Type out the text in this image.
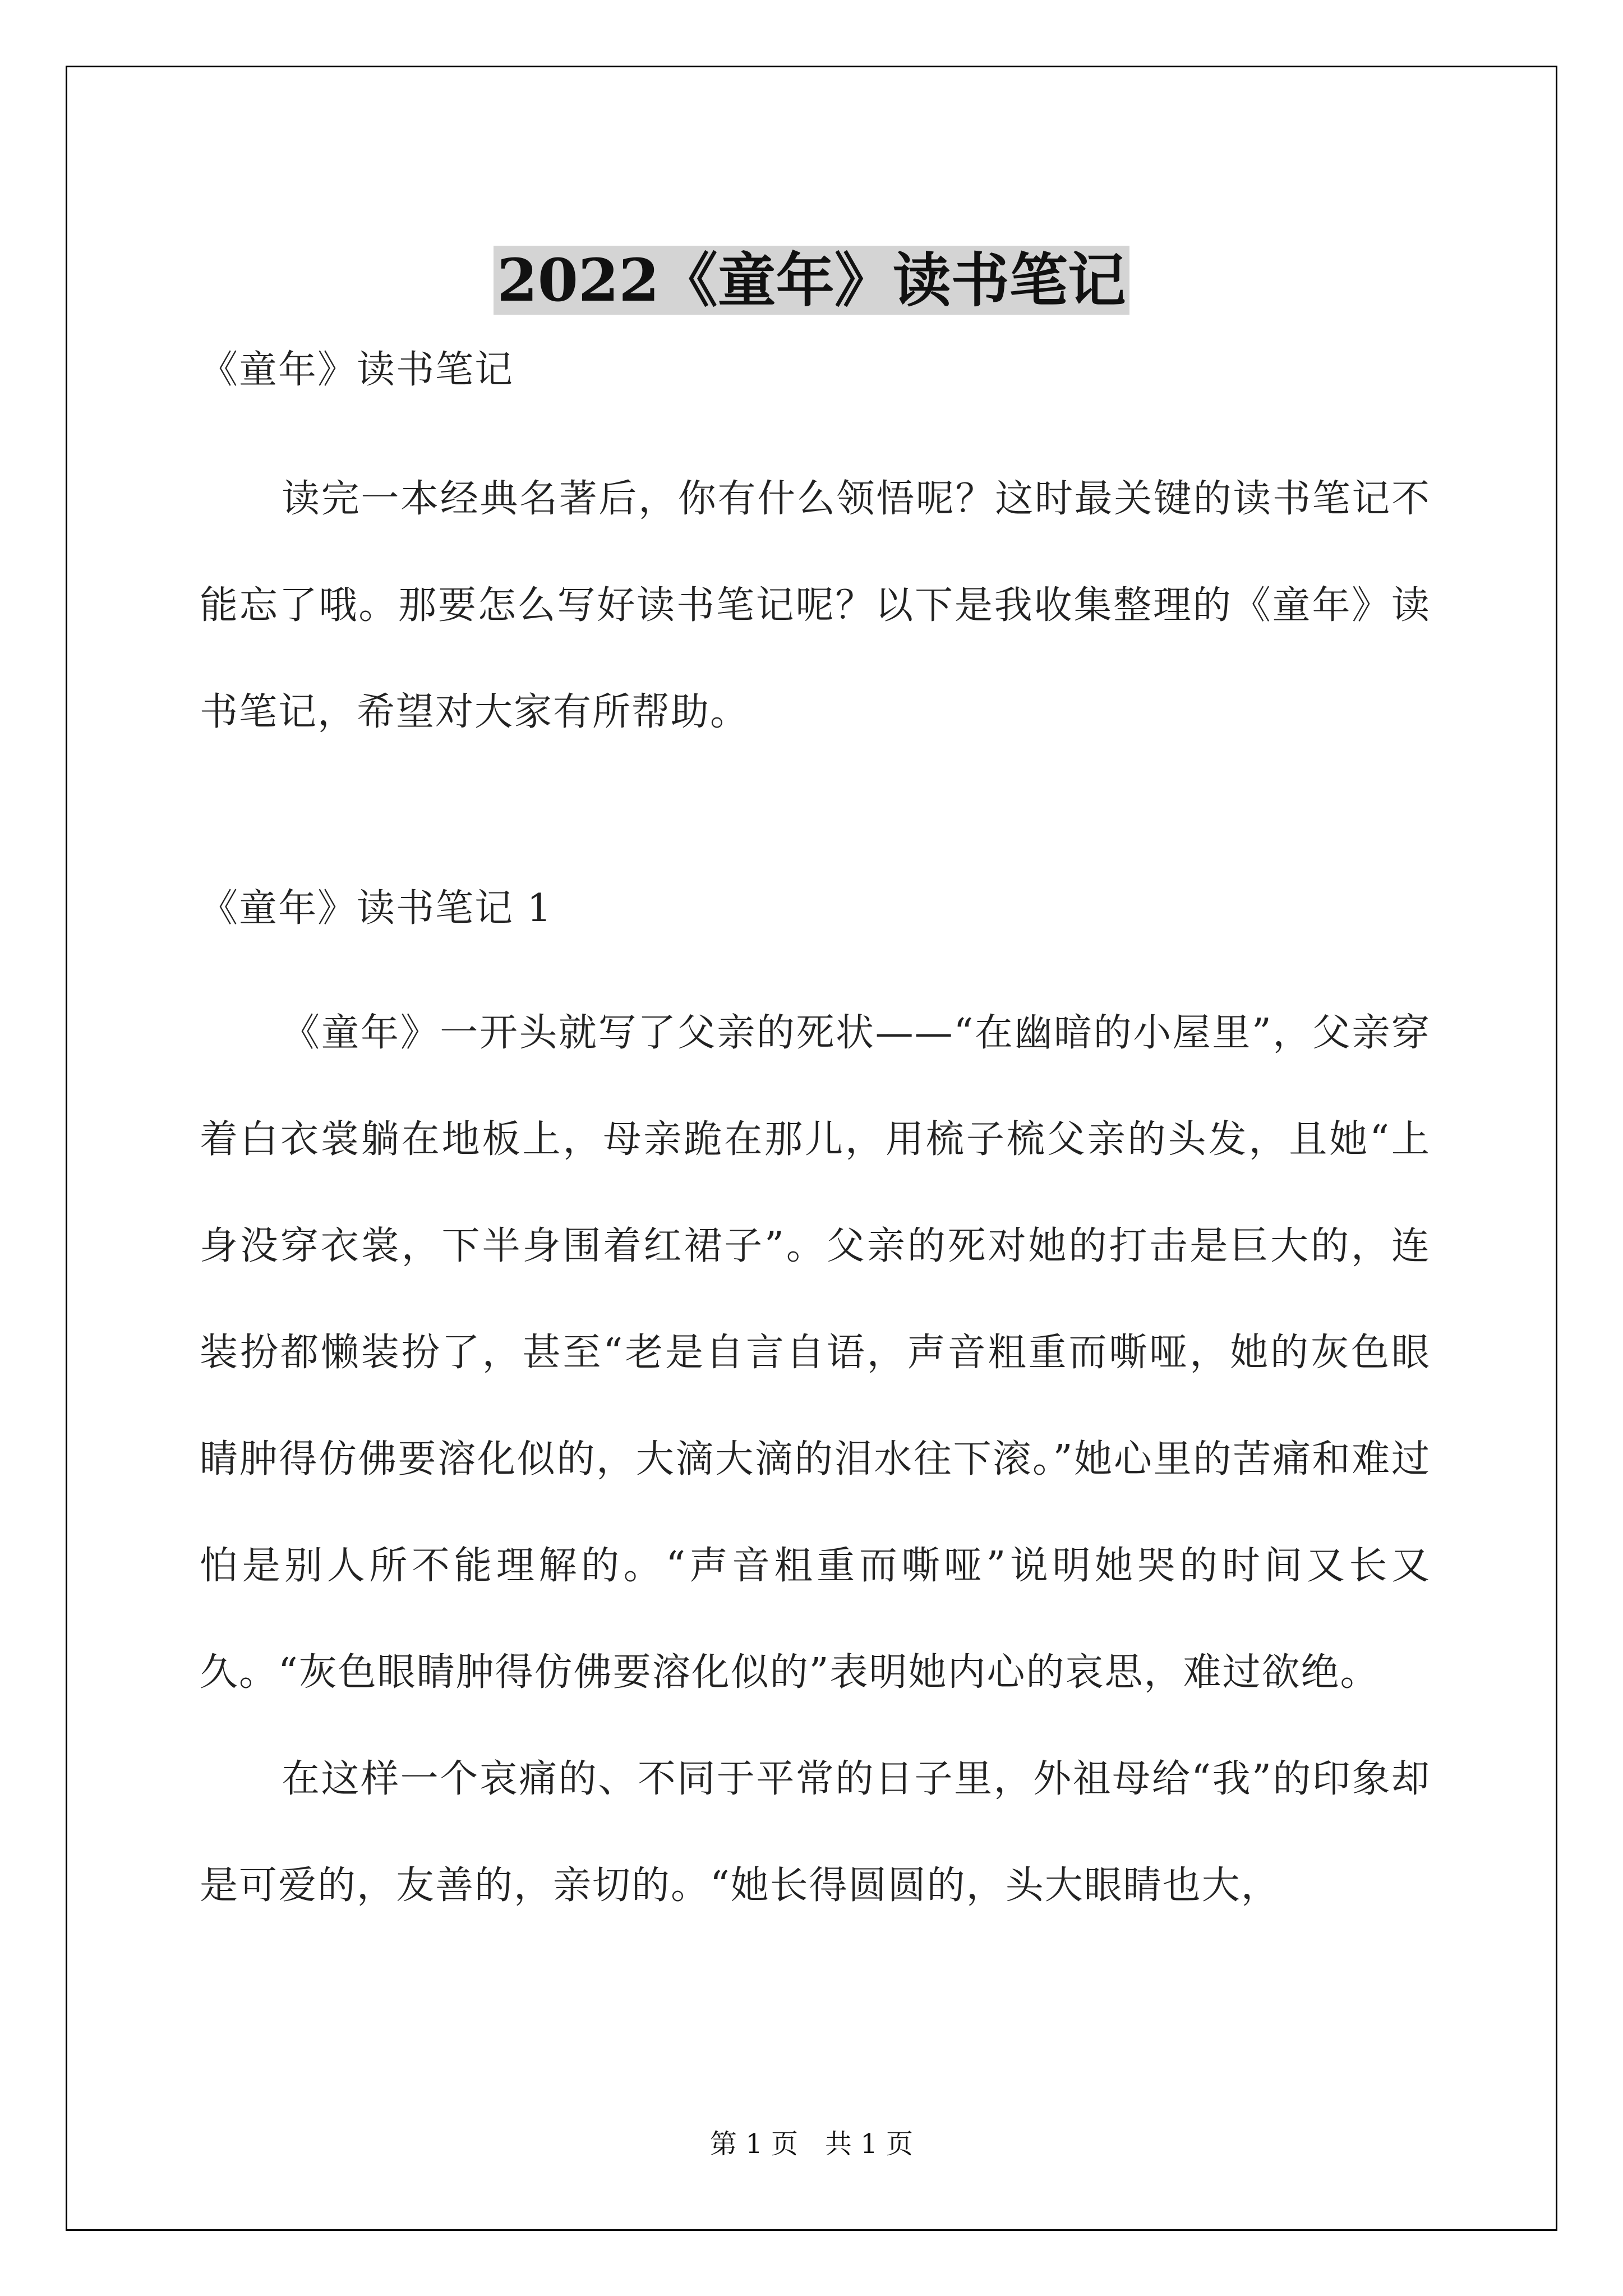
2022《童年》读书笔记

《童年》读书笔记

读完一本经典名著后，你有什么领悟呢？这时最关键的读书笔记不能忘了哦。那要怎么写好读书笔记呢？以下是我收集整理的《童年》读书笔记，希望对大家有所帮助。

《童年》读书笔记 1

《童年》一开头就写了父亲的死状——“在幽暗的小屋里”，父亲穿着白衣裳躺在地板上，母亲跪在那儿，用梳子梳父亲的头发，且她“上身没穿衣裳，下半身围着红裙子”。父亲的死对她的打击是巨大的，连装扮都懒装扮了，甚至“老是自言自语，声音粗重而嘶哑，她的灰色眼睛肿得仿佛要溶化似的，大滴大滴的泪水往下滚。”她心里的苦痛和难过怕是别人所不能理解的。“声音粗重而嘶哑”说明她哭的时间又长又久。“灰色眼睛肿得仿佛要溶化似的”表明她内心的哀思，难过欲绝。

在这样一个哀痛的、不同于平常的日子里，外祖母给“我”的印象却是可爱的，友善的，亲切的。“她长得圆圆的，头大眼睛也大，

第 1 页 共 1 页
